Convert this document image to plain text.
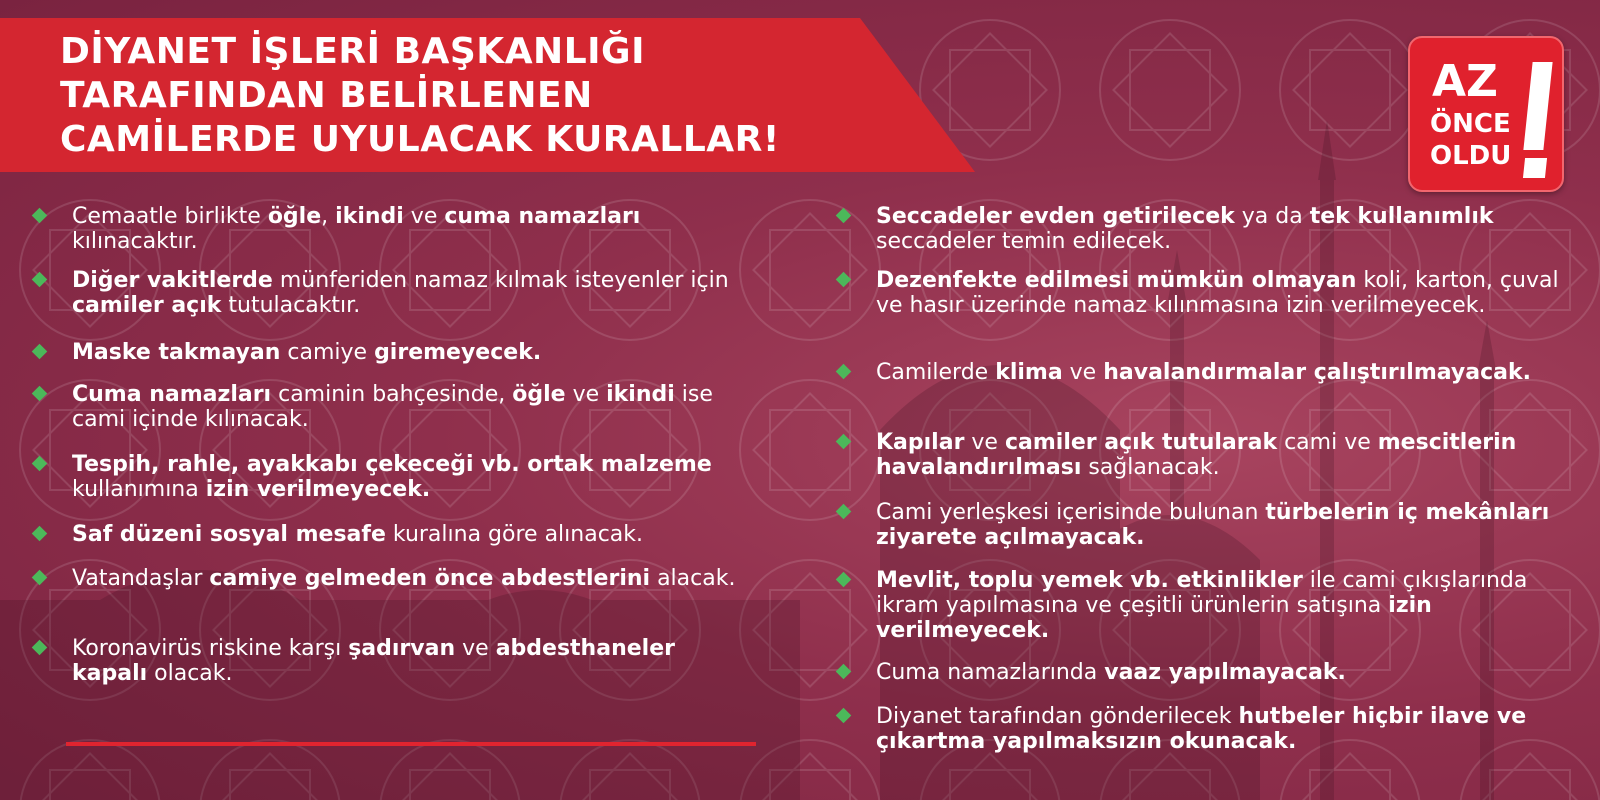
DİYANET İŞLERİ BAŞKANLIĞI
TARAFINDAN BELİRLENEN
CAMİLERDE UYULACAK KURALLAR!
AZ
ÖNCE
OLDU
Cemaatle birlikte öğle, ikindi ve cuma namazları kılınacaktır.
Diğer vakitlerde münferiden namaz kılmak isteyenler için camiler açık tutulacaktır.
Maske takmayan camiye giremeyecek.
Cuma namazları caminin bahçesinde, öğle ve ikindi ise cami içinde kılınacak.
Tespih, rahle, ayakkabı çekeceği vb. ortak malzeme kullanımına izin verilmeyecek.
Saf düzeni sosyal mesafe kuralına göre alınacak.
Vatandaşlar camiye gelmeden önce abdestlerini alacak.
Koronavirüs riskine karşı şadırvan ve abdesthaneler kapalı olacak.
Seccadeler evden getirilecek ya da tek kullanımlık seccadeler temin edilecek.
Dezenfekte edilmesi mümkün olmayan koli, karton, çuval ve hasır üzerinde namaz kılınmasına izin verilmeyecek.
Camilerde klima ve havalandırmalar çalıştırılmayacak.
Kapılar ve camiler açık tutularak cami ve mescitlerin havalandırılması sağlanacak.
Cami yerleşkesi içerisinde bulunan türbelerin iç mekânları ziyarete açılmayacak.
Mevlit, toplu yemek vb. etkinlikler ile cami çıkışlarında ikram yapılmasına ve çeşitli ürünlerin satışına izin verilmeyecek.
Cuma namazlarında vaaz yapılmayacak.
Diyanet tarafından gönderilecek hutbeler hiçbir ilave ve çıkartma yapılmaksızın okunacak.
